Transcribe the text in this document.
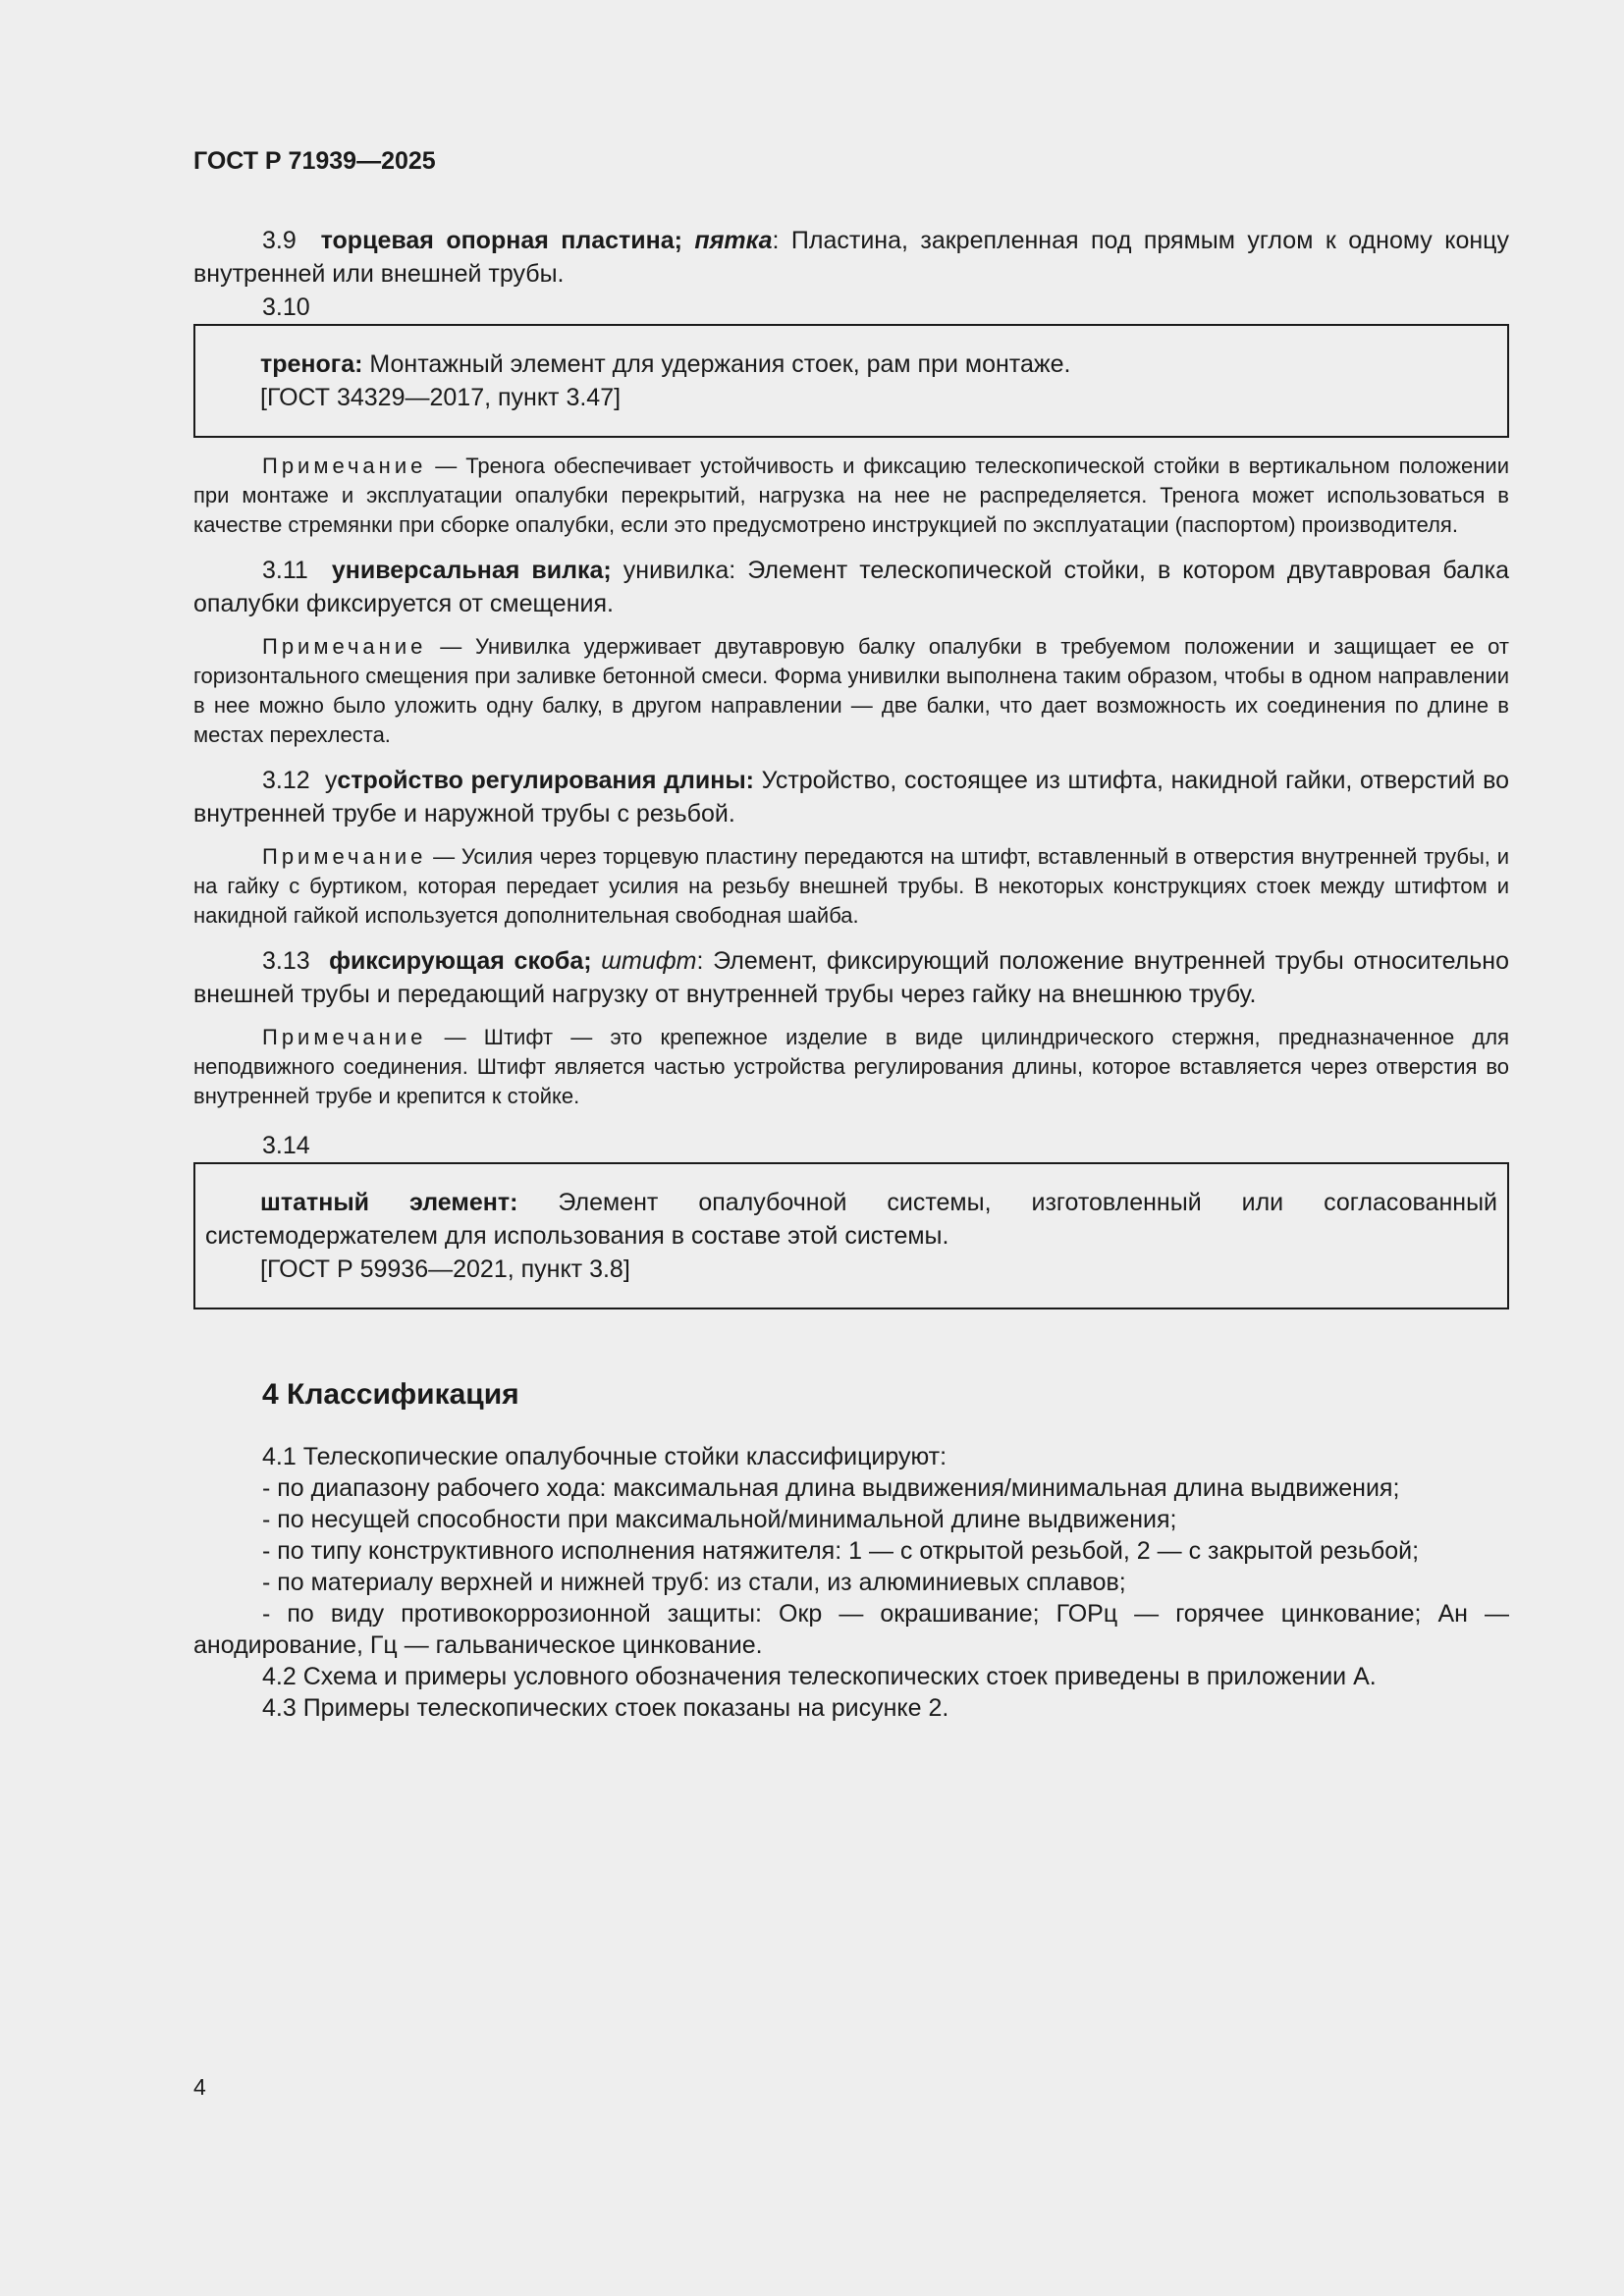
ГОСТ Р 71939—2025

3.9 торцевая опорная пластина; пятка: Пластина, закрепленная под прямым углом к одному концу внутренней или внешней трубы.

3.10

тренога: Монтажный элемент для удержания стоек, рам при монтаже.

[ГОСТ 34329—2017, пункт 3.47]

Примечание — Тренога обеспечивает устойчивость и фиксацию телескопической стойки в вертикальном положении при монтаже и эксплуатации опалубки перекрытий, нагрузка на нее не распределяется. Тренога может использоваться в качестве стремянки при сборке опалубки, если это предусмотрено инструкцией по эксплуатации (паспортом) производителя.

3.11 универсальная вилка; унивилка: Элемент телескопической стойки, в котором двутавровая балка опалубки фиксируется от смещения.

Примечание — Унивилка удерживает двутавровую балку опалубки в требуемом положении и защищает ее от горизонтального смещения при заливке бетонной смеси. Форма унивилки выполнена таким образом, чтобы в одном направлении в нее можно было уложить одну балку, в другом направлении — две балки, что дает возможность их соединения по длине в местах перехлеста.

3.12 устройство регулирования длины: Устройство, состоящее из штифта, накидной гайки, отверстий во внутренней трубе и наружной трубы с резьбой.

Примечание — Усилия через торцевую пластину передаются на штифт, вставленный в отверстия внутренней трубы, и на гайку с буртиком, которая передает усилия на резьбу внешней трубы. В некоторых конструкциях стоек между штифтом и накидной гайкой используется дополнительная свободная шайба.

3.13 фиксирующая скоба; штифт: Элемент, фиксирующий положение внутренней трубы относительно внешней трубы и передающий нагрузку от внутренней трубы через гайку на внешнюю трубу.

Примечание — Штифт — это крепежное изделие в виде цилиндрического стержня, предназначенное для неподвижного соединения. Штифт является частью устройства регулирования длины, которое вставляется через отверстия во внутренней трубе и крепится к стойке.

3.14

штатный элемент: Элемент опалубочной системы, изготовленный или согласованный системодержателем для использования в составе этой системы.

[ГОСТ Р 59936—2021, пункт 3.8]
4 Классификация

4.1 Телескопические опалубочные стойки классифицируют:

- по диапазону рабочего хода: максимальная длина выдвижения/минимальная длина выдвижения;

- по несущей способности при максимальной/минимальной длине выдвижения;

- по типу конструктивного исполнения натяжителя: 1 — с открытой резьбой, 2 — с закрытой резьбой;

- по материалу верхней и нижней труб: из стали, из алюминиевых сплавов;

- по виду противокоррозионной защиты: Окр — окрашивание; ГОРц — горячее цинкование; Ан — анодирование, Гц — гальваническое цинкование.

4.2 Схема и примеры условного обозначения телескопических стоек приведены в приложении А.

4.3 Примеры телескопических стоек показаны на рисунке 2.

4
